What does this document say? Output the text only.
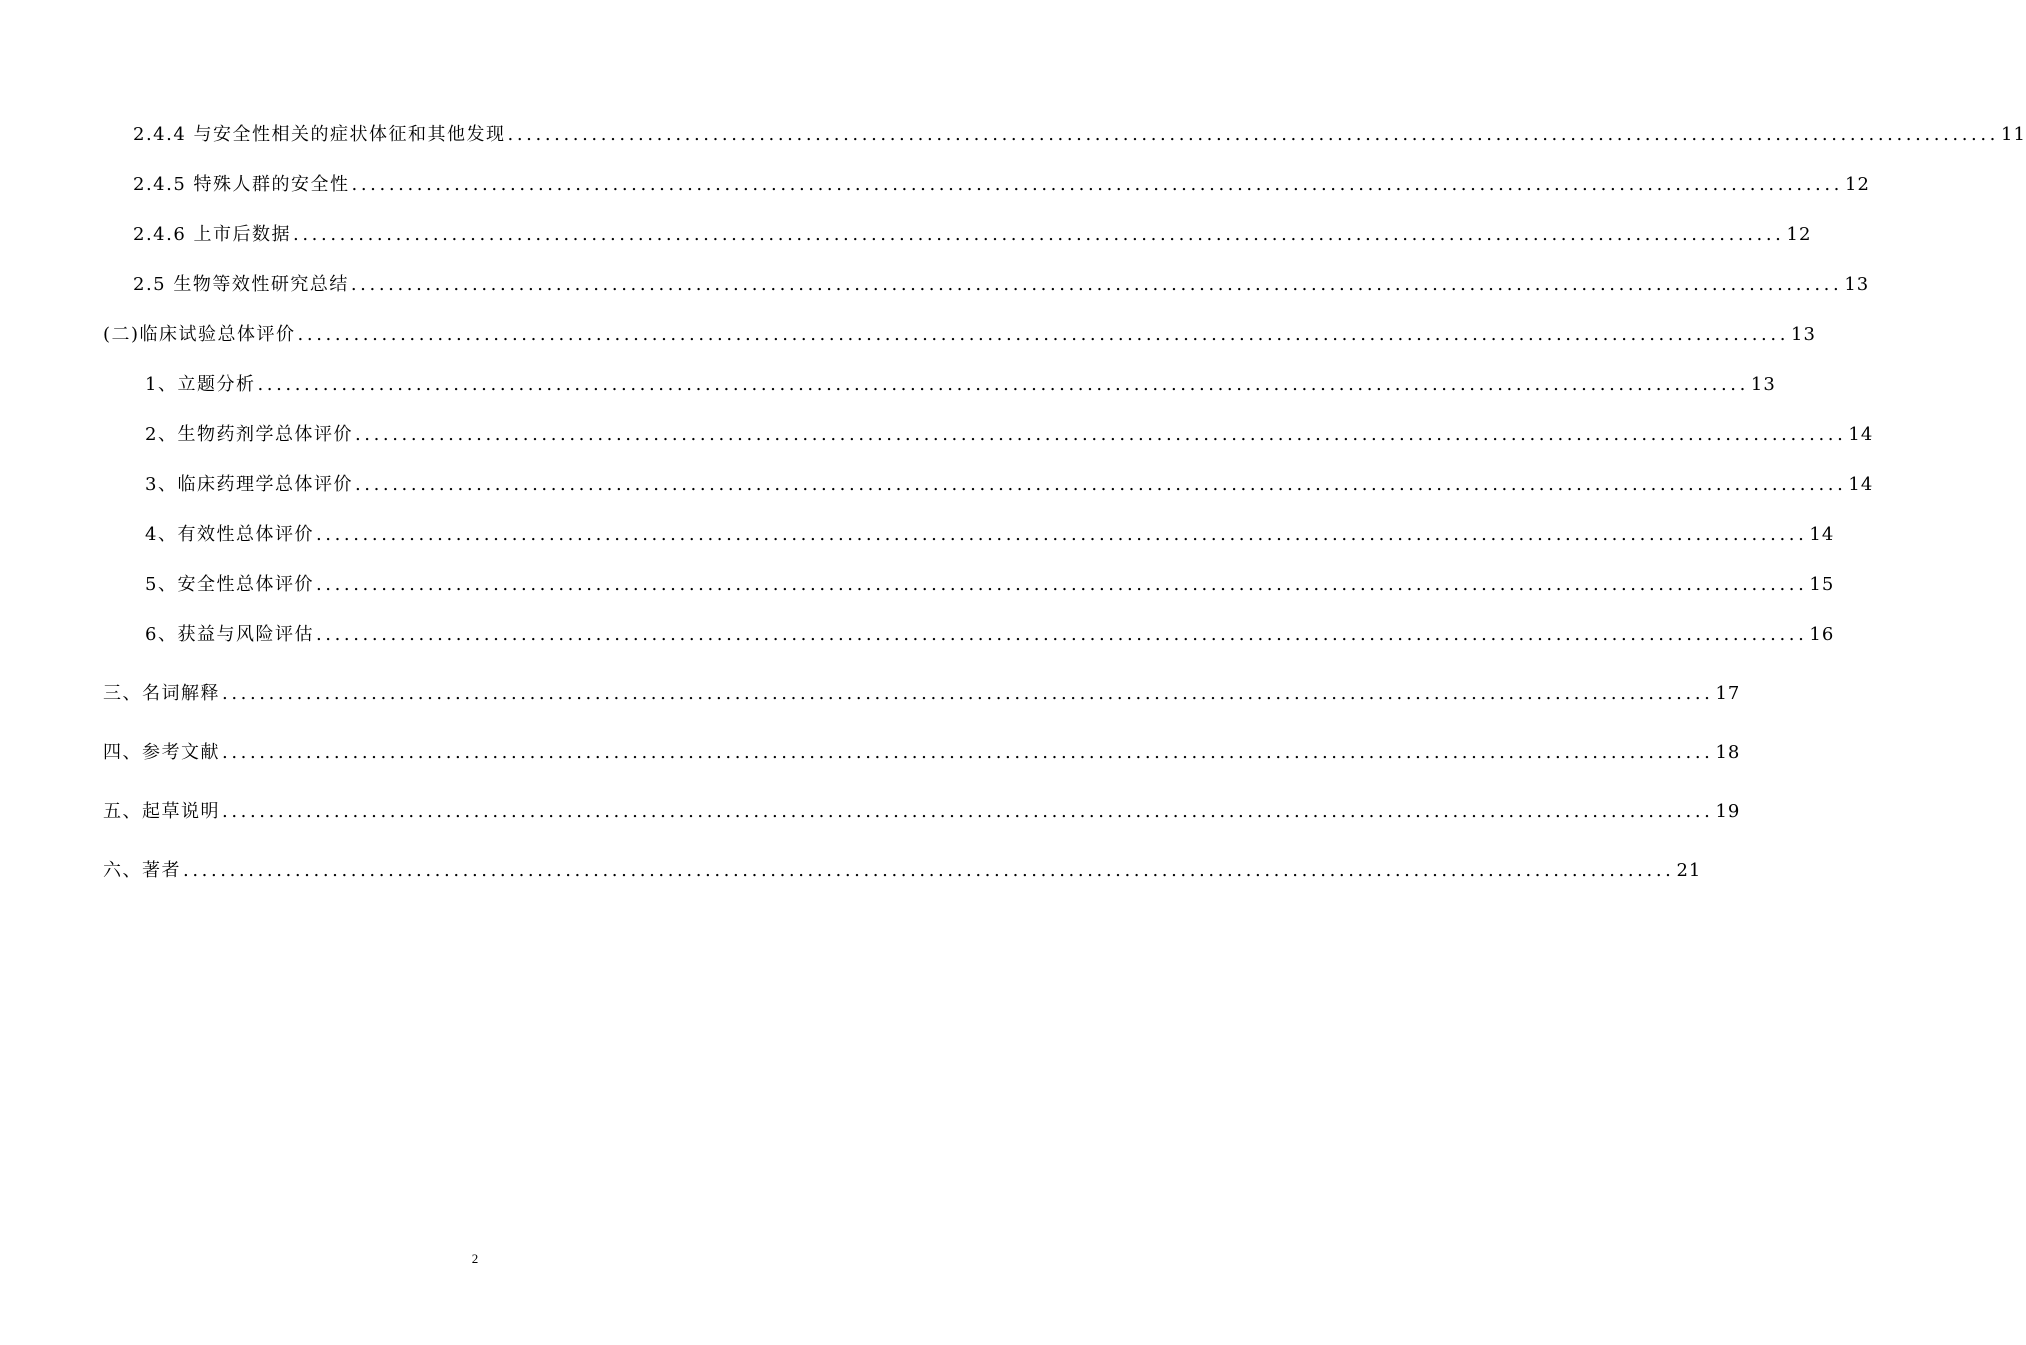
2.4.4 与安全性相关的症状体征和其他发现 ................................................................................................................................................................ 11
2.4.5 特殊人群的安全性 ................................................................................................................................................................ 12
2.4.6 上市后数据 ................................................................................................................................................................ 12
2.5 生物等效性研究总结 ................................................................................................................................................................ 13
(二)临床试验总体评价 ................................................................................................................................................................ 13
1、立题分析 ................................................................................................................................................................ 13
2、生物药剂学总体评价 ................................................................................................................................................................ 14
3、临床药理学总体评价 ................................................................................................................................................................ 14
4、有效性总体评价 ................................................................................................................................................................ 14
5、安全性总体评价 ................................................................................................................................................................ 15
6、获益与风险评估 ................................................................................................................................................................ 16
三、名词解释 ................................................................................................................................................................ 17
四、参考文献 ................................................................................................................................................................ 18
五、起草说明 ................................................................................................................................................................ 19
六、著者 ................................................................................................................................................................ 21
2
